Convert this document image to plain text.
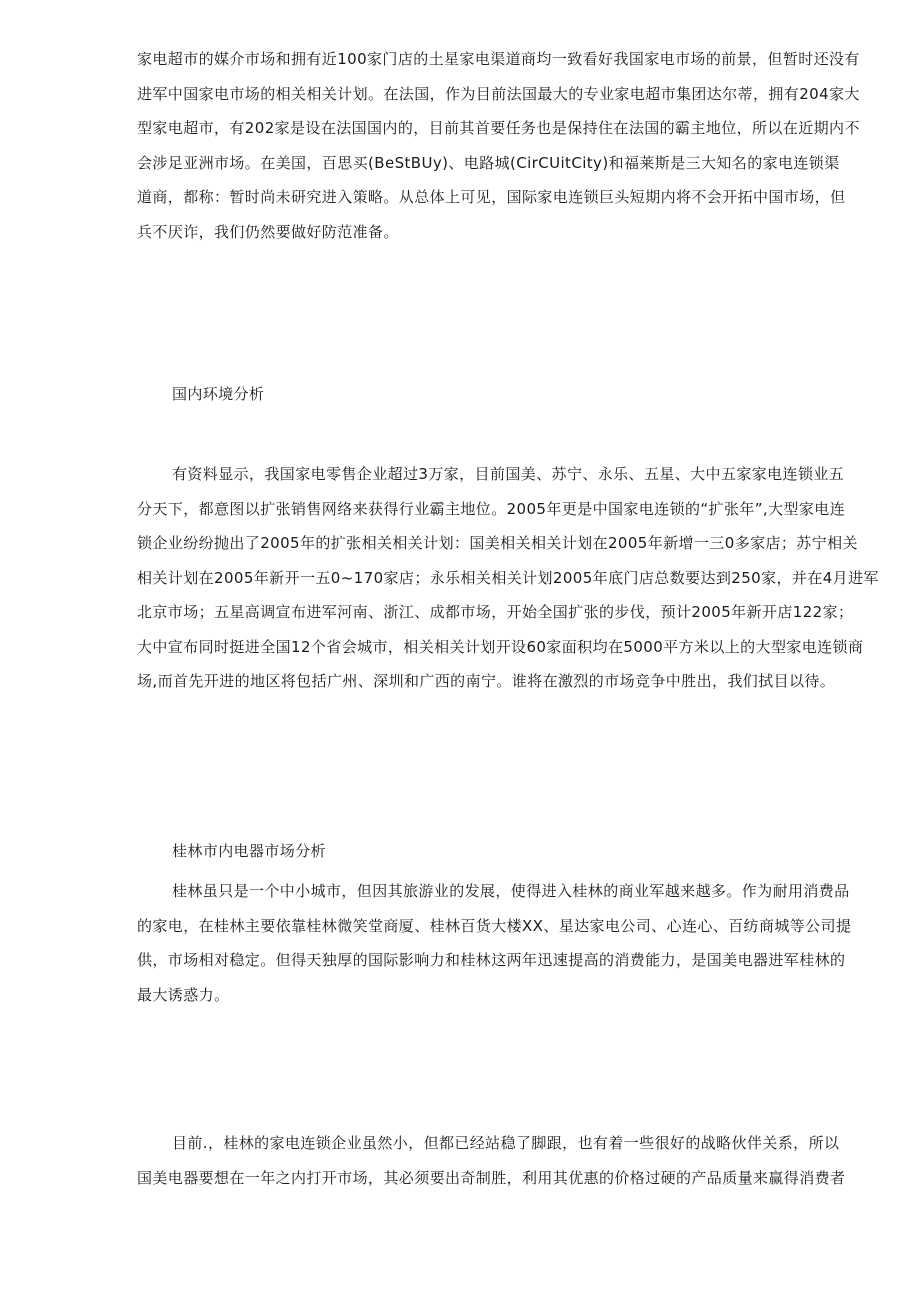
家电超市的媒介市场和拥有近100家门店的土星家电渠道商均一致看好我国家电市场的前景，但暂时还没有
进军中国家电市场的相关相关计划。在法国，作为目前法国最大的专业家电超市集团达尔蒂，拥有204家大
型家电超市，有202家是设在法国国内的，目前其首要任务也是保持住在法国的霸主地位，所以在近期内不
会涉足亚洲市场。在美国，百思买(BeStBUy)、电路城(CirCUitCity)和福莱斯是三大知名的家电连锁渠
道商，都称：暂时尚未研究进入策略。从总体上可见，国际家电连锁巨头短期内将不会开拓中国市场，但
兵不厌诈，我们仍然要做好防范准备。
国内环境分析
有资料显示，我国家电零售企业超过3万家，目前国美、苏宁、永乐、五星、大中五家家电连锁业五
分天下，都意图以扩张销售网络来获得行业霸主地位。2005年更是中国家电连锁的“扩张年”,大型家电连
锁企业纷纷抛出了2005年的扩张相关相关计划：国美相关相关计划在2005年新增一三0多家店；苏宁相关
相关计划在2005年新开一五0~170家店；永乐相关相关计划2005年底门店总数要达到250家，并在4月进军
北京市场；五星高调宣布进军河南、浙江、成都市场，开始全国扩张的步伐，预计2005年新开店122家；
大中宣布同时挺进全国12个省会城市，相关相关计划开设60家面积均在5000平方米以上的大型家电连锁商
场,而首先开进的地区将包括广州、深圳和广西的南宁。谁将在激烈的市场竞争中胜出，我们拭目以待。
桂林市内电器市场分析
桂林虽只是一个中小城市，但因其旅游业的发展，使得进入桂林的商业军越来越多。作为耐用消费品
的家电，在桂林主要依靠桂林微笑堂商厦、桂林百货大楼XX、星达家电公司、心连心、百纺商城等公司提
供，市场相对稳定。但得天独厚的国际影响力和桂林这两年迅速提高的消费能力，是国美电器进军桂林的
最大诱惑力。
目前.，桂林的家电连锁企业虽然小，但都已经站稳了脚跟，也有着一些很好的战略伙伴关系，所以
国美电器要想在一年之内打开市场，其必须要出奇制胜，利用其优惠的价格过硬的产品质量来赢得消费者
